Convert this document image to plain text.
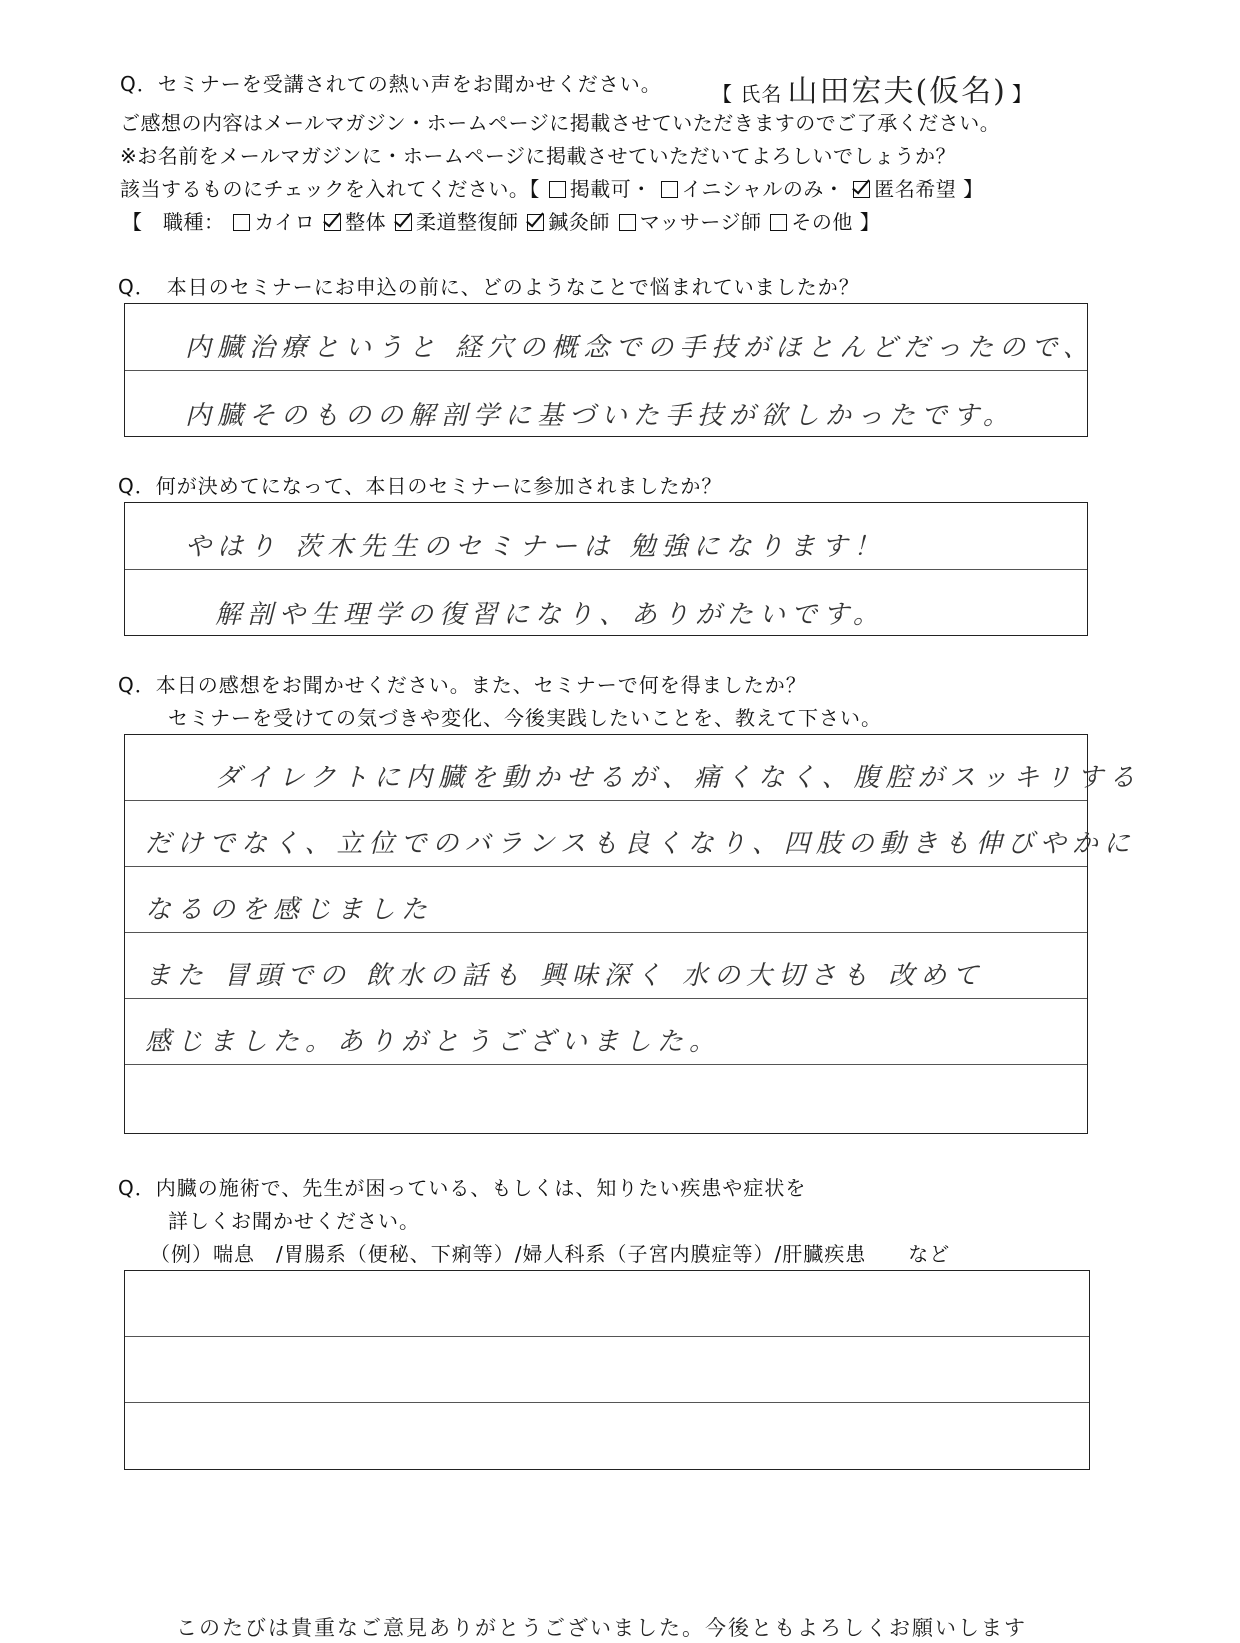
Q．セミナーを受講されての熱い声をお聞かせください。	【 氏名 山田宏夫(仮名) 】
ご感想の内容はメールマガジン・ホームページに掲載させていただきますのでご了承ください。
※お名前をメールマガジンに・ホームページに掲載させていただいてよろしいでしょうか？
該当するものにチェックを入れてください。【 掲載可・ イニシャルのみ・ 匿名希望 】
【　職種： カイロ 整体 柔道整復師 鍼灸師 マッサージ師 その他 】
Q．　本日のセミナーにお申込の前に、どのようなことで悩まれていましたか？
内臓治療というと 経穴の概念での手技がほとんどだったので、
内臓そのものの解剖学に基づいた手技が欲しかったです。
Q．何が決めてになって、本日のセミナーに参加されましたか？
やはり 茨木先生のセミナーは 勉強になります！
解剖や生理学の復習になり、ありがたいです。
Q．本日の感想をお聞かせください。また、セミナーで何を得ましたか？
セミナーを受けての気づきや変化、今後実践したいことを、教えて下さい。
ダイレクトに内臓を動かせるが、痛くなく、腹腔がスッキリする
だけでなく、立位でのバランスも良くなり、四肢の動きも伸びやかに
なるのを感じました
また 冒頭での 飲水の話も 興味深く 水の大切さも 改めて
感じました。ありがとうございました。
Q．内臓の施術で、先生が困っている、もしくは、知りたい疾患や症状を
詳しくお聞かせください。
（例）喘息　/胃腸系（便秘、下痢等）/婦人科系（子宮内膜症等）/肝臓疾患　　など
このたびは貴重なご意見ありがとうございました。今後ともよろしくお願いします
